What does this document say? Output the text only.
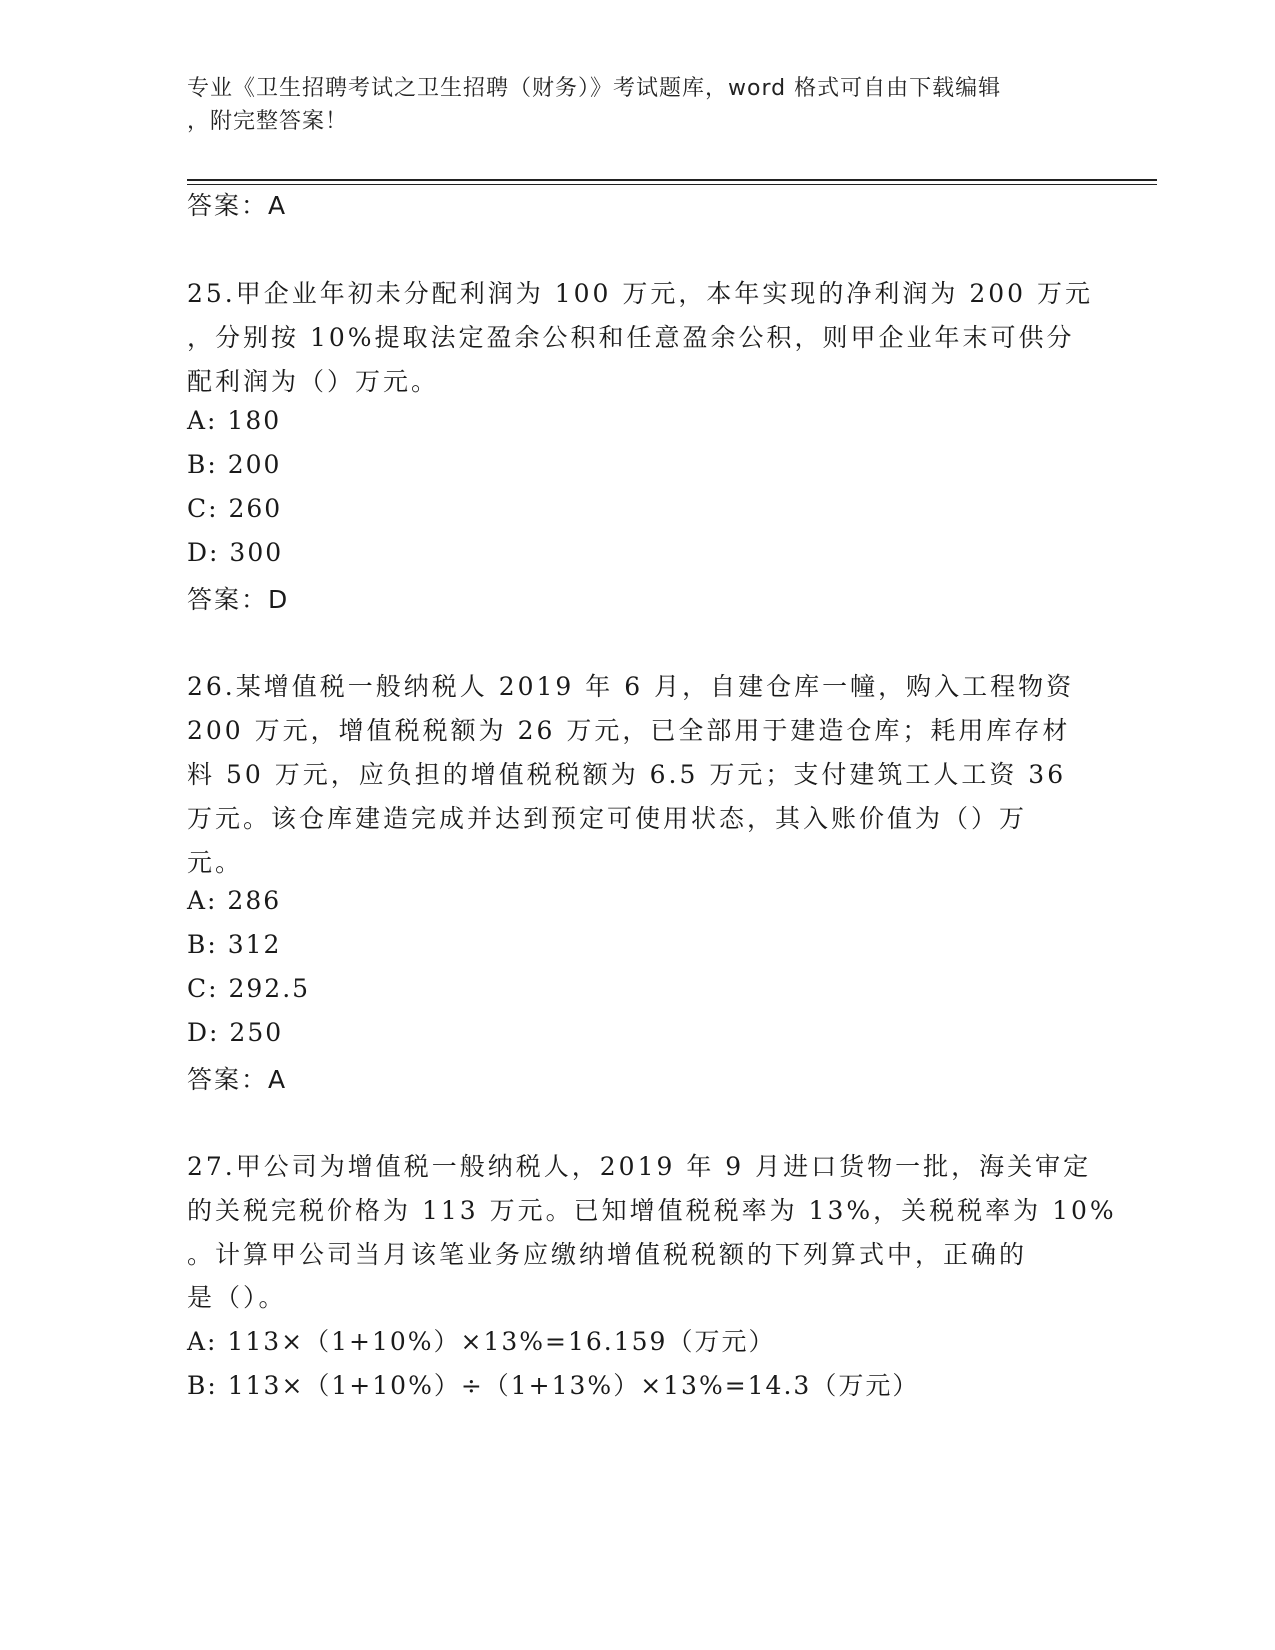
专业《卫生招聘考试之卫生招聘（财务）》考试题库，word 格式可自由下载编辑
，附完整答案！
答案：A
25.甲企业年初未分配利润为 100 万元，本年实现的净利润为 200 万元
，分别按 10%提取法定盈余公积和任意盈余公积，则甲企业年末可供分
配利润为（）万元。
A: 180
B: 200
C: 260
D: 300
答案：D
26.某增值税一般纳税人 2019 年 6 月，自建仓库一幢，购入工程物资
200 万元，增值税税额为 26 万元，已全部用于建造仓库；耗用库存材
料 50 万元，应负担的增值税税额为 6.5 万元；支付建筑工人工资 36
万元。该仓库建造完成并达到预定可使用状态，其入账价值为（）万
元。
A: 286
B: 312
C: 292.5
D: 250
答案：A
27.甲公司为增值税一般纳税人，2019 年 9 月进口货物一批，海关审定
的关税完税价格为 113 万元。已知增值税税率为 13%，关税税率为 10%
。计算甲公司当月该笔业务应缴纳增值税税额的下列算式中，正确的
是（）。
A: 113×（1+10%）×13%=16.159（万元）
B: 113×（1+10%）÷（1+13%）×13%=14.3（万元）
